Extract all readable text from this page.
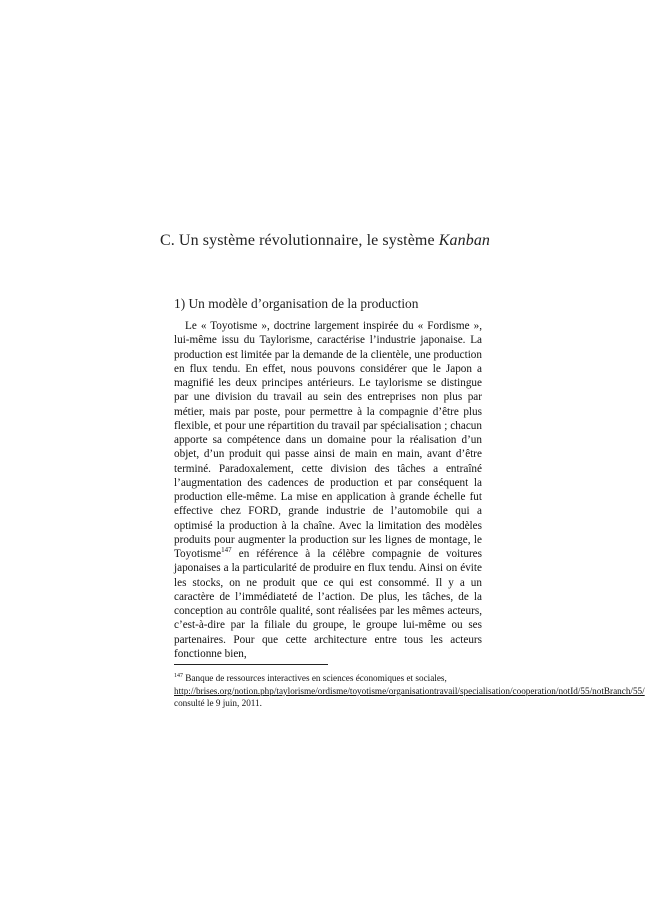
C. Un système révolutionnaire, le système Kanban
1) Un modèle d’organisation de la production

Le « Toyotisme », doctrine largement inspirée du « Fordisme », lui-même issu du Taylorisme, caractérise l’industrie japonaise. La production est limitée par la demande de la clientèle, une production en flux tendu. En effet, nous pouvons considérer que le Japon a magnifié les deux principes antérieurs. Le taylorisme se distingue par une division du travail au sein des entreprises non plus par métier, mais par poste, pour permettre à la compagnie d’être plus flexible, et pour une répartition du travail par spécialisation ; chacun apporte sa compétence dans un domaine pour la réalisation d’un objet, d’un produit qui passe ainsi de main en main, avant d’être terminé. Paradoxalement, cette division des tâches a entraîné l’augmentation des cadences de production et par conséquent la production elle-même. La mise en application à grande échelle fut effective chez FORD, grande industrie de l’automobile qui a optimisé la production à la chaîne. Avec la limitation des modèles produits pour augmenter la production sur les lignes de montage, le Toyotisme$^{147}$ en référence à la célèbre compagnie de voitures japonaises a la particularité de produire en flux tendu. Ainsi on évite les stocks, on ne produit que ce qui est consommé. Il y a un caractère de l’immédiateté de l’action. De plus, les tâches, de la conception au contrôle qualité, sont réalisées par les mêmes acteurs, c’est-à-dire par la filiale du groupe, le groupe lui-même ou ses partenaires. Pour que cette architecture entre tous les acteurs fonctionne bien,

$^{147}$ Banque de ressources interactives en sciences économiques et sociales, http://brises.org/notion.php/taylorisme/ordisme/toyotisme/organisationtravail/specialisation/cooperation/notId/55/notBranch/55/ consulté le 9 juin, 2011.
